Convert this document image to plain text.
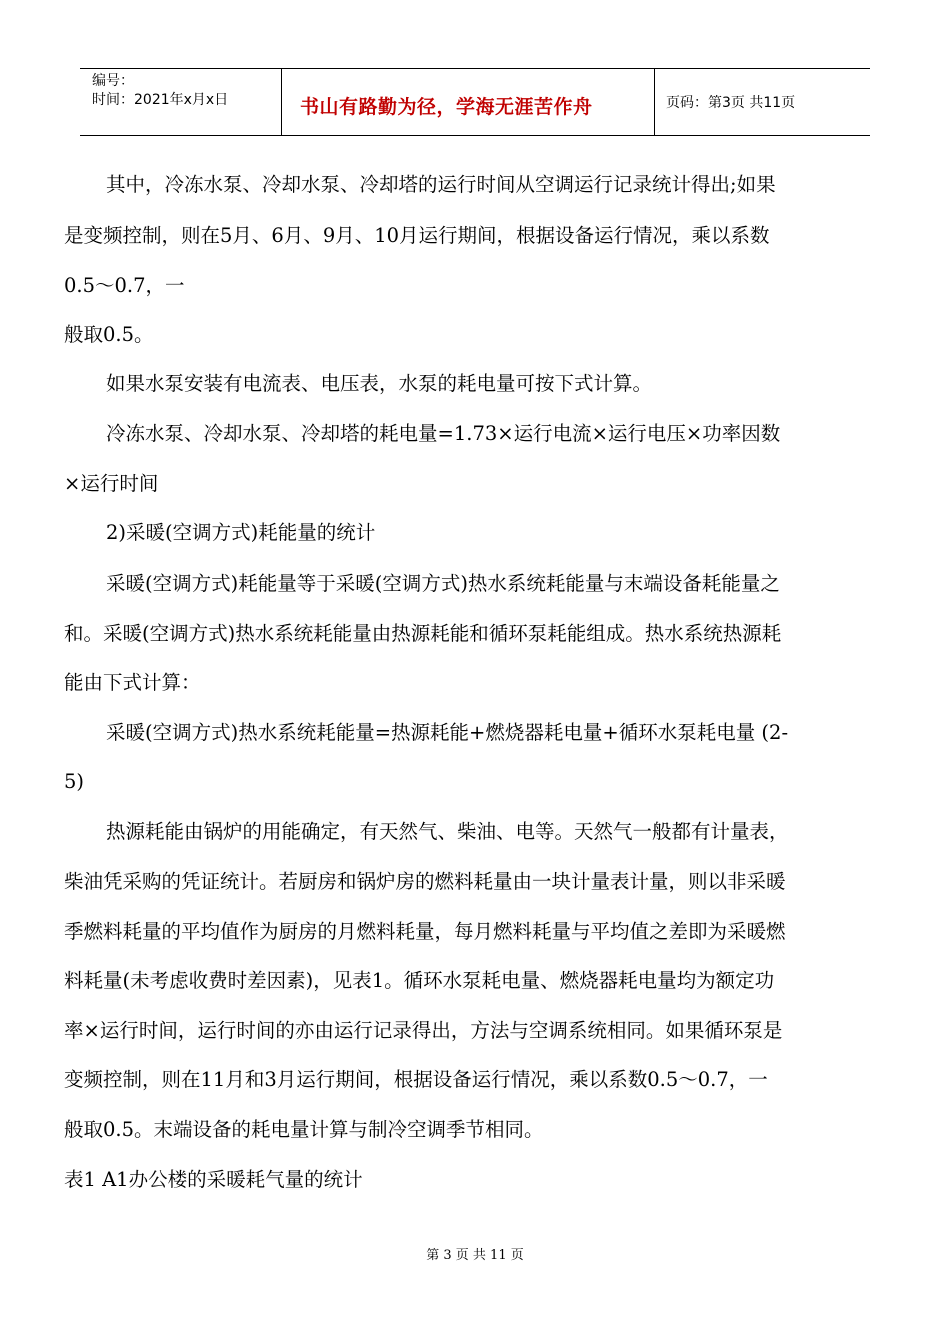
编号：
时间：2021年x月x日	书山有路勤为径，学海无涯苦作舟	页码：第3页 共11页
其中，冷冻水泵、冷却水泵、冷却塔的运行时间从空调运行记录统计得出;如果
是变频控制，则在5月、6月、9月、10月运行期间，根据设备运行情况，乘以系数
0.5～0.7，一
般取0.5。
如果水泵安装有电流表、电压表，水泵的耗电量可按下式计算。
冷冻水泵、冷却水泵、冷却塔的耗电量=1.73×运行电流×运行电压×功率因数
×运行时间
2)采暖(空调方式)耗能量的统计
采暖(空调方式)耗能量等于采暖(空调方式)热水系统耗能量与末端设备耗能量之
和。采暖(空调方式)热水系统耗能量由热源耗能和循环泵耗能组成。热水系统热源耗
能由下式计算：
采暖(空调方式)热水系统耗能量=热源耗能+燃烧器耗电量+循环水泵耗电量 (2-
5)
热源耗能由锅炉的用能确定，有天然气、柴油、电等。天然气一般都有计量表，
柴油凭采购的凭证统计。若厨房和锅炉房的燃料耗量由一块计量表计量，则以非采暖
季燃料耗量的平均值作为厨房的月燃料耗量，每月燃料耗量与平均值之差即为采暖燃
料耗量(未考虑收费时差因素)，见表1。循环水泵耗电量、燃烧器耗电量均为额定功
率×运行时间，运行时间的亦由运行记录得出，方法与空调系统相同。如果循环泵是
变频控制，则在11月和3月运行期间，根据设备运行情况，乘以系数0.5～0.7，一
般取0.5。末端设备的耗电量计算与制冷空调季节相同。
表1 A1办公楼的采暖耗气量的统计
第 3 页 共 11 页
